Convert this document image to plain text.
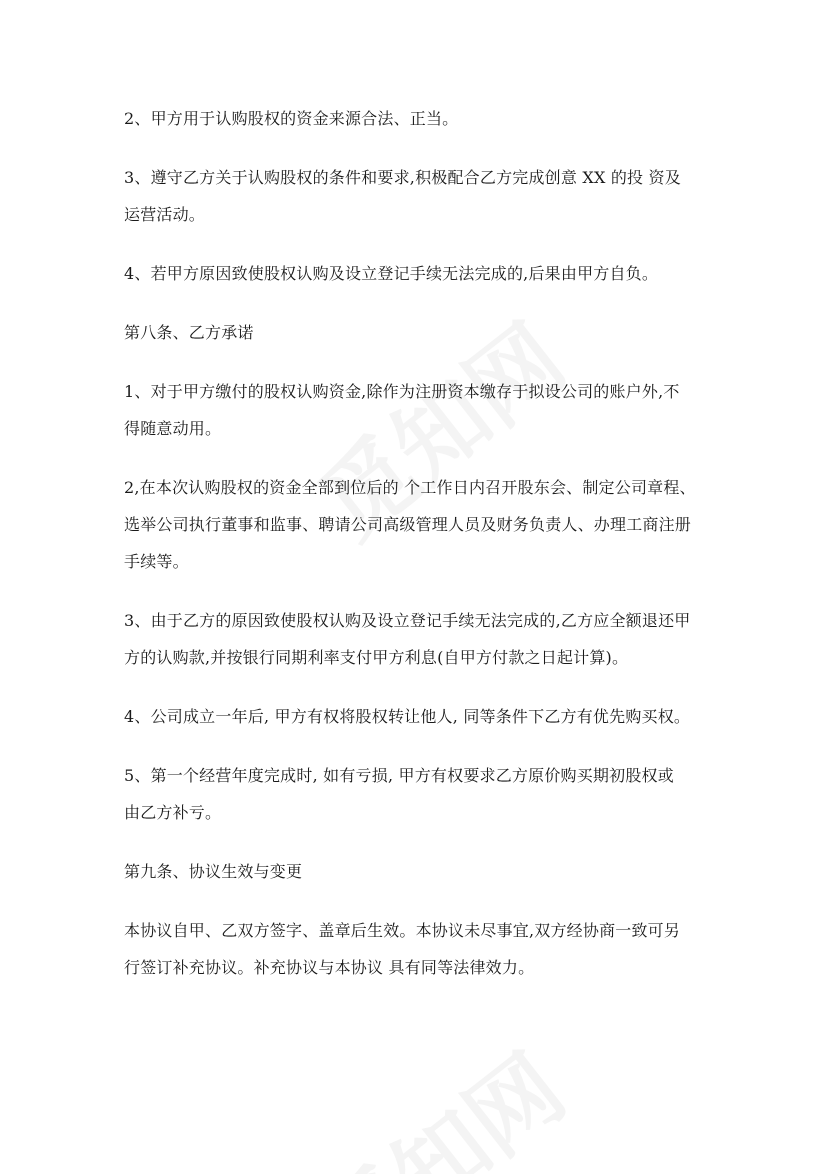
2、甲方用于认购股权的资金来源合法、正当。

3、遵守乙方关于认购股权的条件和要求,积极配合乙方完成创意 XX 的投 资及
运营活动。

4、若甲方原因致使股权认购及设立登记手续无法完成的,后果由甲方自负。

第八条、乙方承诺

1、对于甲方缴付的股权认购资金,除作为注册资本缴存于拟设公司的账户外,不
得随意动用。

2,在本次认购股权的资金全部到位后的 个工作日内召开股东会、制定公司章程、
选举公司执行董事和监事、聘请公司高级管理人员及财务负责人、办理工商注册
手续等。

3、由于乙方的原因致使股权认购及设立登记手续无法完成的,乙方应全额退还甲
方的认购款,并按银行同期利率支付甲方利息(自甲方付款之日起计算)。

4、公司成立一年后, 甲方有权将股权转让他人, 同等条件下乙方有优先购买权。

5、第一个经营年度完成时, 如有亏损, 甲方有权要求乙方原价购买期初股权或
由乙方补亏。

第九条、协议生效与变更

本协议自甲、乙双方签字、盖章后生效。本协议未尽事宜,双方经协商一致可另
行签订补充协议。补充协议与本协议 具有同等法律效力。
